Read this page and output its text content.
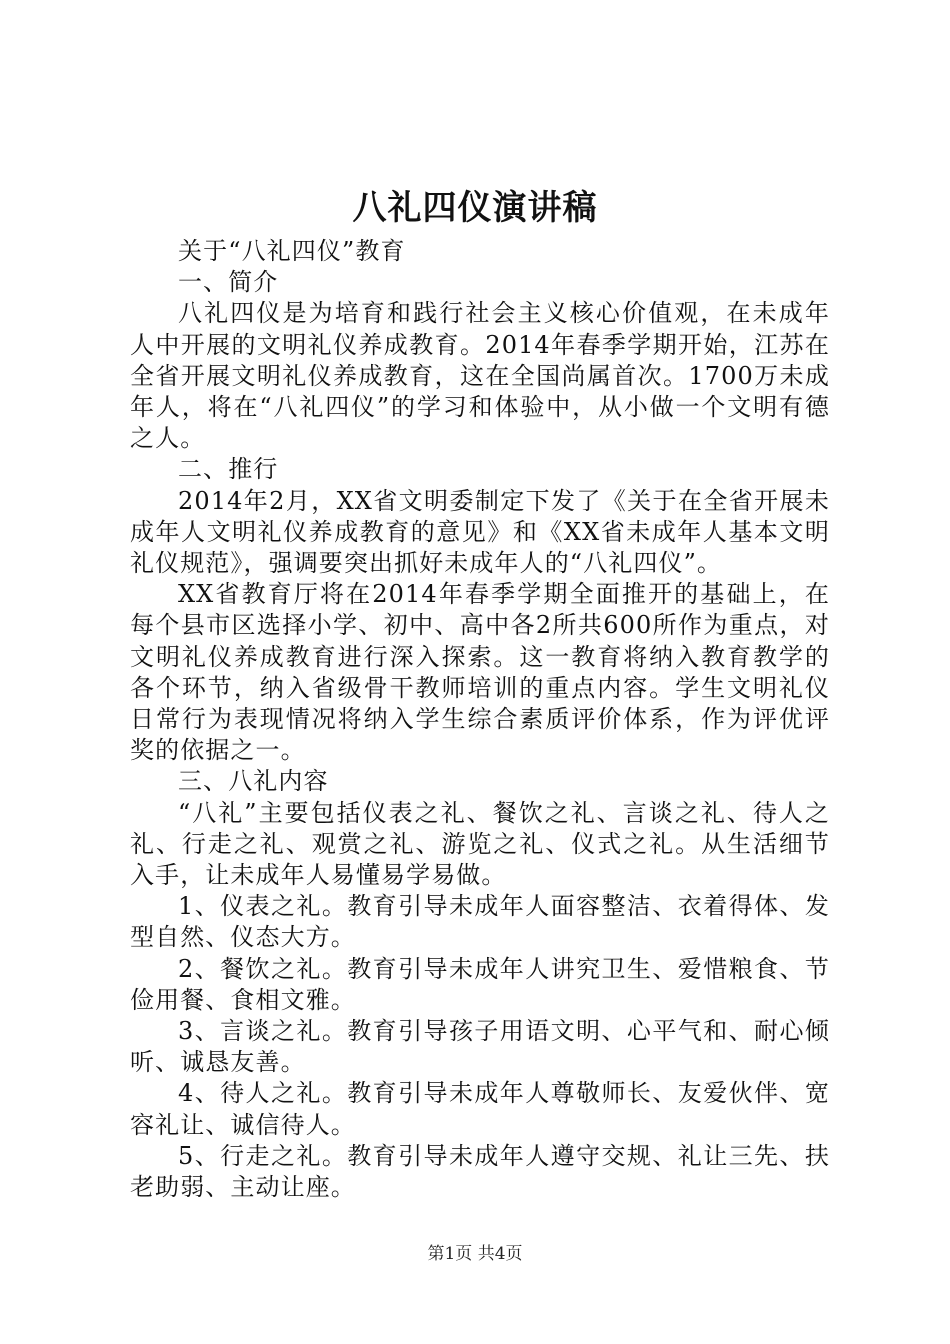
八礼四仪演讲稿

关于“八礼四仪”教育

一、简介

八礼四仪是为培育和践行社会主义核心价值观，在未成年人中开展的文明礼仪养成教育。2014年春季学期开始，江苏在全省开展文明礼仪养成教育，这在全国尚属首次。1700万未成年人，将在“八礼四仪”的学习和体验中，从小做一个文明有德之人。

二、推行

2014年2月，XX省文明委制定下发了《关于在全省开展未成年人文明礼仪养成教育的意见》和《XX省未成年人基本文明礼仪规范》，强调要突出抓好未成年人的“八礼四仪”。

XX省教育厅将在2014年春季学期全面推开的基础上，在每个县市区选择小学、初中、高中各2所共600所作为重点，对文明礼仪养成教育进行深入探索。这一教育将纳入教育教学的各个环节，纳入省级骨干教师培训的重点内容。学生文明礼仪日常行为表现情况将纳入学生综合素质评价体系，作为评优评奖的依据之一。

三、八礼内容

“八礼”主要包括仪表之礼、餐饮之礼、言谈之礼、待人之礼、行走之礼、观赏之礼、游览之礼、仪式之礼。从生活细节入手，让未成年人易懂易学易做。

1、仪表之礼。教育引导未成年人面容整洁、衣着得体、发型自然、仪态大方。

2、餐饮之礼。教育引导未成年人讲究卫生、爱惜粮食、节俭用餐、食相文雅。

3、言谈之礼。教育引导孩子用语文明、心平气和、耐心倾听、诚恳友善。

4、待人之礼。教育引导未成年人尊敬师长、友爱伙伴、宽容礼让、诚信待人。

5、行走之礼。教育引导未成年人遵守交规、礼让三先、扶老助弱、主动让座。

第1页 共4页
